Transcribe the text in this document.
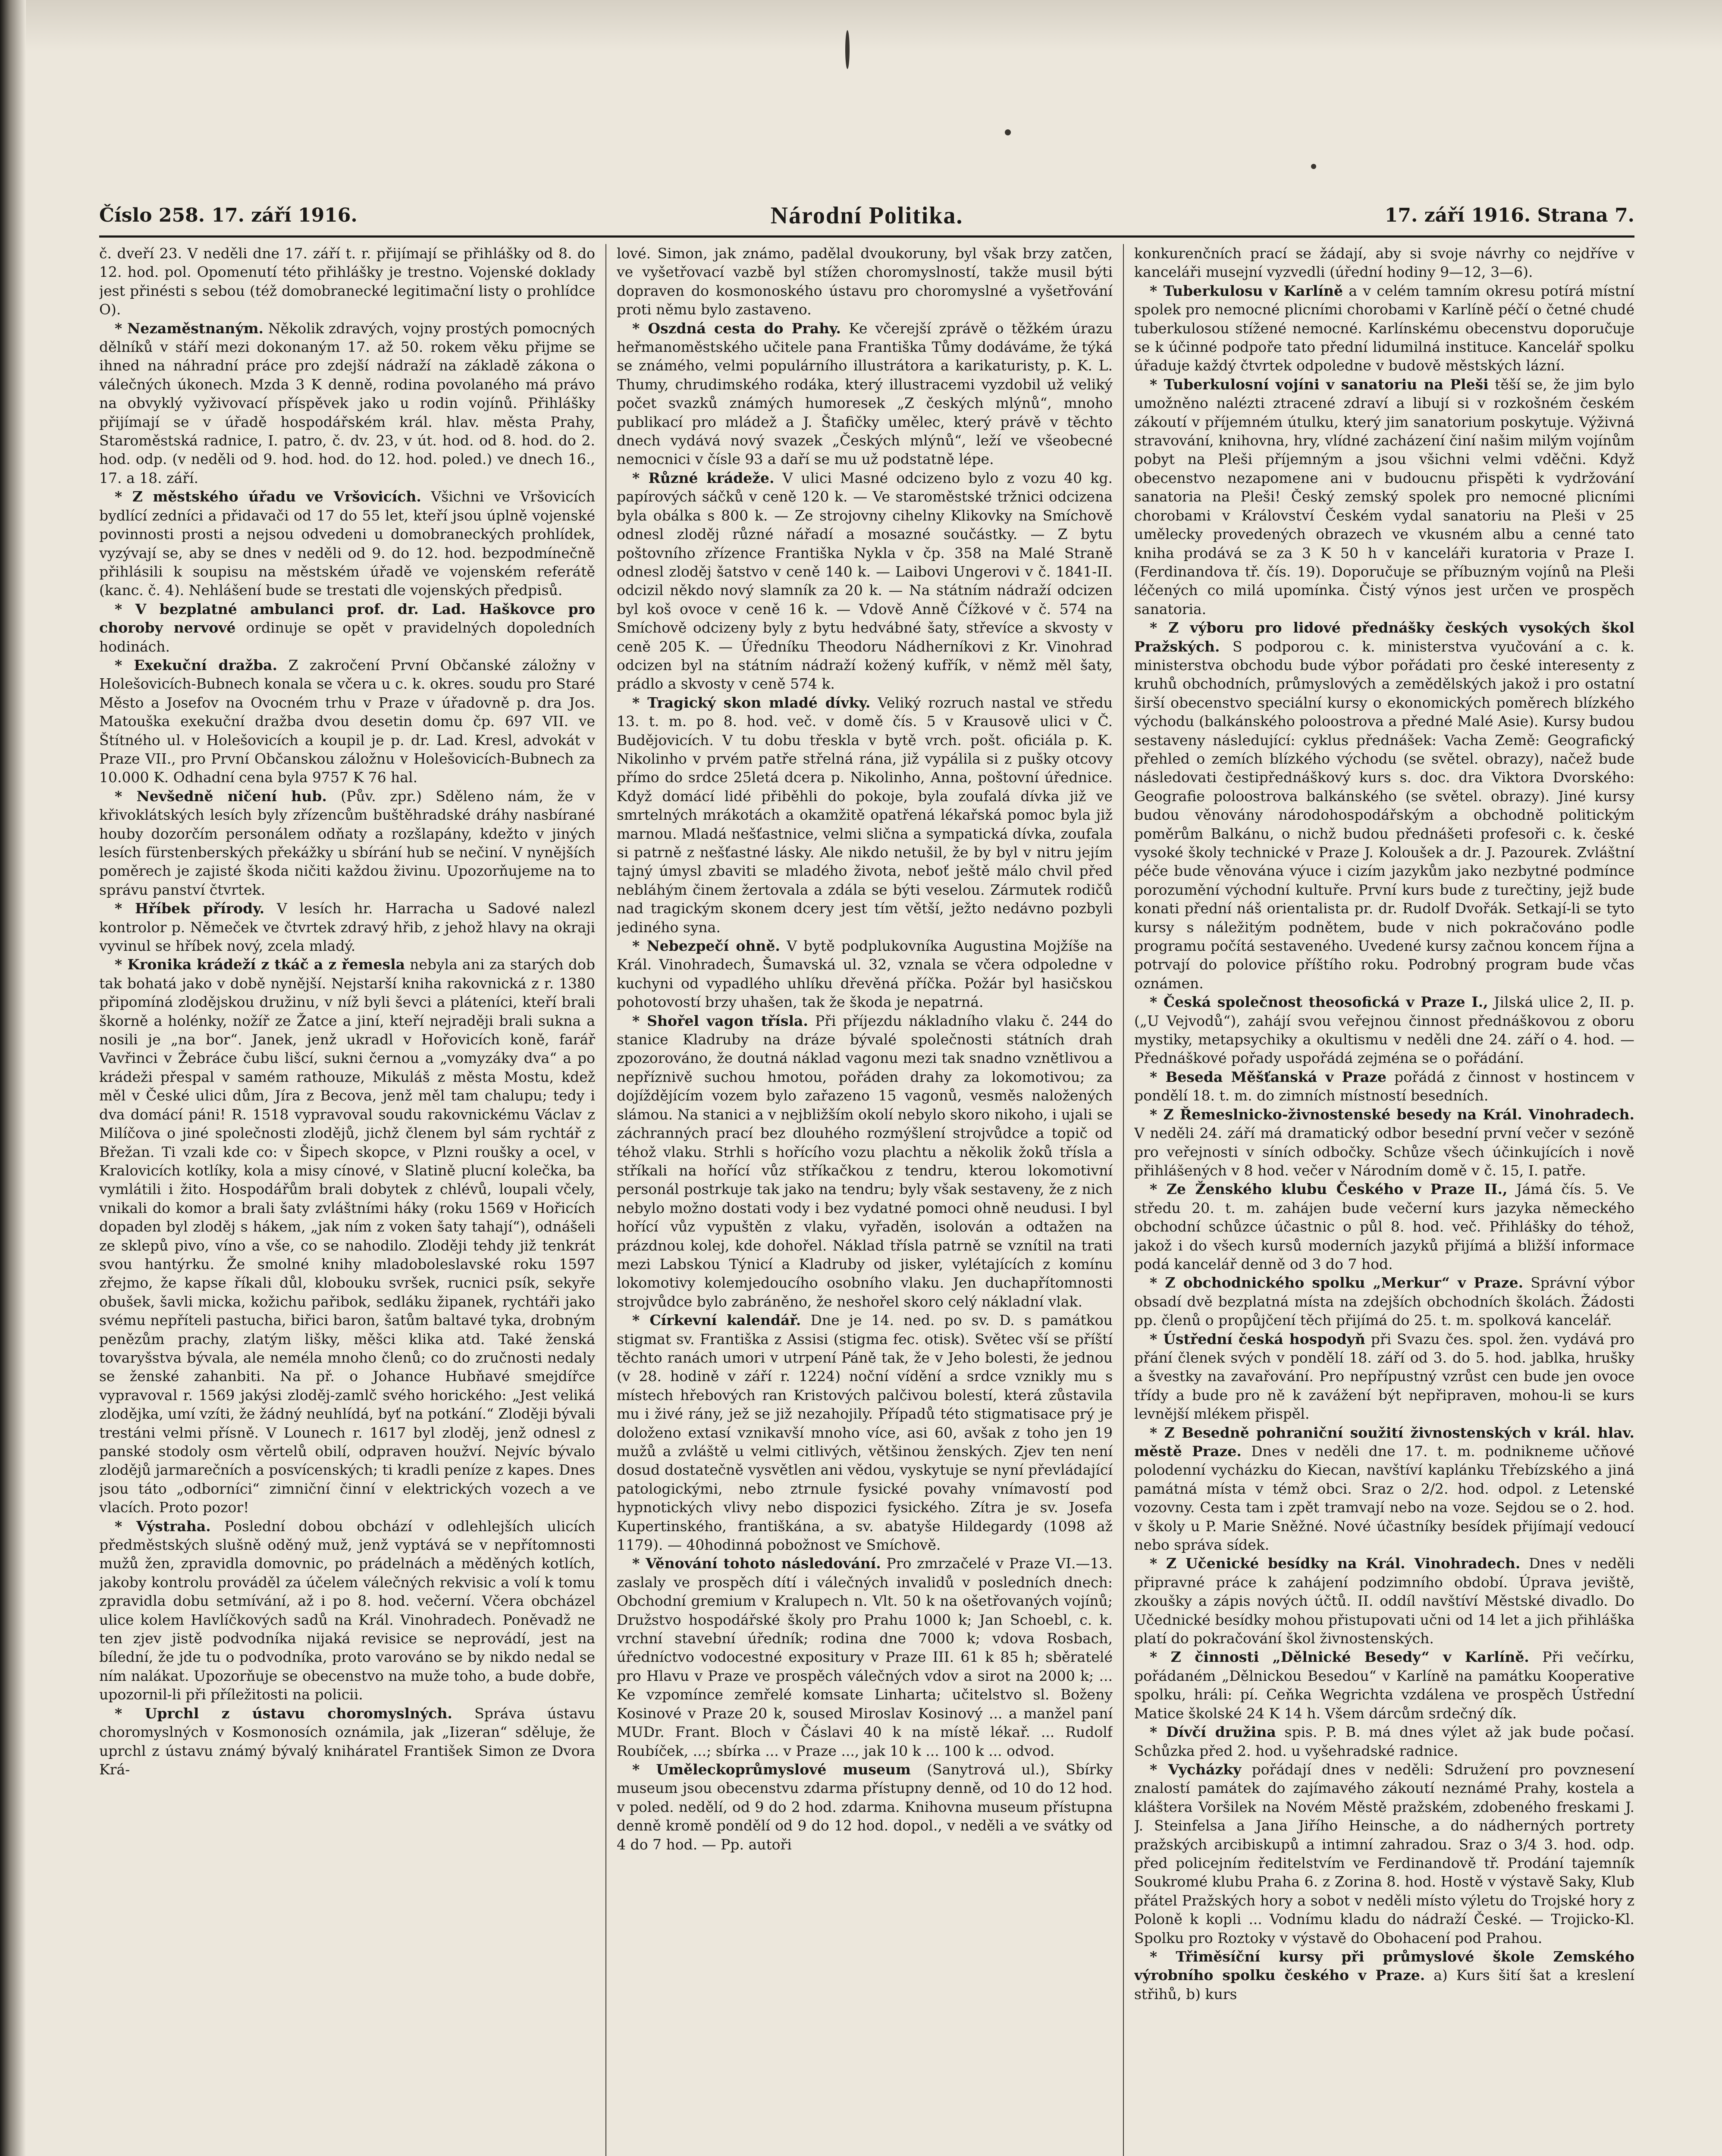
Číslo 258. 17. září 1916.	Národní Politika.	17. září 1916. Strana 7.

č. dveří 23. V neděli dne 17. září t. r. přijímají se přihlášky od 8. do 12. hod. pol. Opomenutí této přihlášky je trestno. Vojenské doklady jest přinésti s sebou (též domobranecké legitimační listy o prohlídce O).

* Nezaměstnaným. Několik zdravých, vojny prostých pomocných dělníků v stáří mezi dokonaným 17. až 50. rokem věku přijme se ihned na náhradní práce pro zdejší nádraží na základě zákona o válečných úkonech. Mzda 3 K denně, rodina povolaného má právo na obvyklý vyživovací příspěvek jako u rodin vojínů. Přihlášky přijímají se v úřadě hospodářském král. hlav. města Prahy, Staroměstská radnice, I. patro, č. dv. 23, v út. hod. od 8. hod. do 2. hod. odp. (v neděli od 9. hod. hod. do 12. hod. poled.) ve dnech 16., 17. a 18. září.

* Z městského úřadu ve Vršovicích. Všichni ve Vršovicích bydlící zedníci a přidavači od 17 do 55 let, kteří jsou úplně vojenské povinnosti prosti a nejsou odvedeni u domobraneckých prohlídek, vyzývají se, aby se dnes v neděli od 9. do 12. hod. bezpodmínečně přihlásili k soupisu na městském úřadě ve vojenském referátě (kanc. č. 4). Nehlášení bude se trestati dle vojenských předpisů.

* V bezplatné ambulanci prof. dr. Lad. Haškovce pro choroby nervové ordinuje se opět v pravidelných dopoledních hodinách.

* Exekuční dražba. Z zakročení První Občanské záložny v Holešovicích-Bubnech konala se včera u c. k. okres. soudu pro Staré Město a Josefov na Ovocném trhu v Praze v úřadovně p. dra Jos. Matouška exekuční dražba dvou desetin domu čp. 697 VII. ve Štítného ul. v Holešovicích a koupil je p. dr. Lad. Kresl, advokát v Praze VII., pro První Občanskou záložnu v Holešovicích-Bubnech za 10.000 K. Odhadní cena byla 9757 K 76 hal.

* Nevšedně ničení hub. (Pův. zpr.) Sděleno nám, že v křivoklátských lesích byly zřízencům buštěhradské dráhy nasbírané houby dozorčím personálem odňaty a rozšlapány, kdežto v jiných lesích fürstenberských překážky u sbírání hub se nečiní. V nynějších poměrech je zajisté škoda ničiti každou živinu. Upozorňujeme na to správu panství čtvrtek.

* Hříbek přírody. V lesích hr. Harracha u Sadové nalezl kontrolor p. Němeček ve čtvrtek zdravý hřib, z jehož hlavy na okraji vyvinul se hříbek nový, zcela mladý.

* Kronika krádeží z tkáč a z řemesla nebyla ani za starých dob tak bohatá jako v době nynější. Nejstarší kniha rakovnická z r. 1380 připomíná zlodějskou družinu, v níž byli ševci a pláteníci, kteří brali škorně a holénky, nožíř ze Žatce a jiní, kteří nejraději brali sukna a nosili je „na bor“. Janek, jenž ukradl v Hořovicích koně, farář Vavřinci v Žebráce čubu lišcí, sukni černou a „vomyzáky dva“ a po krádeži přespal v samém rathouze, Mikuláš z města Mostu, kdež měl v České ulici dům, Jíra z Becova, jenž měl tam chalupu; tedy i dva domácí páni! R. 1518 vypravoval soudu rakovnickému Václav z Milíčova o jiné společnosti zlodějů, jichž členem byl sám rychtář z Břežan. Ti vzali kde co: v Šipech skopce, v Plzni roušky a ocel, v Kralovicích kotlíky, kola a misy cínové, v Slatině plucní kolečka, ba vymlátili i žito. Hospodářům brali dobytek z chlévů, loupali včely, vnikali do komor a brali šaty zvláštními háky (roku 1569 v Hořicích dopaden byl zloděj s hákem, „jak ním z voken šaty tahají“), odnášeli ze sklepů pivo, víno a vše, co se nahodilo. Zloději tehdy již tenkrát svou hantýrku. Že smolné knihy mladoboleslavské roku 1597 zřejmo, že kapse říkali důl, klobouku svršek, rucnici psík, sekyře obušek, šavli micka, kožichu pařibok, sedláku žipanek, rychtáři jako svému nepříteli pastucha, biřici baron, šatům baltavé tyka, drobným penězům prachy, zlatým lišky, měšci klika atd. Také ženská tovaryšstva bývala, ale neméla mnoho členů; co do zručnosti nedaly se ženské zahanbiti. Na př. o Johance Hubňavé smejdířce vypravoval r. 1569 jakýsi zloděj-zamlč svého horického: „Jest veliká zlodějka, umí vzíti, že žádný neuhlídá, byť na potkání.“ Zloději bývali trestáni velmi přísně. V Lounech r. 1617 byl zloděj, jenž odnesl z panské stodoly osm věrtelů obilí, odpraven houžví. Nejvíc bývalo zlodějů jarmarečních a posvícenských; ti kradli peníze z kapes. Dnes jsou táto „odborníci“ zimniční činní v elektrických vozech a ve vlacích. Proto pozor!

* Výstraha. Poslední dobou obchází v odlehlejších ulicích předměstských slušně oděný muž, jenž vyptává se v nepřítomnosti mužů žen, zpravidla domovnic, po prádelnách a měděných kotlích, jakoby kontrolu prováděl za účelem válečných rekvisic a volí k tomu zpravidla dobu setmívání, až i po 8. hod. večerní. Včera obcházel ulice kolem Havlíčkových sadů na Král. Vinohradech. Poněvadž ne ten zjev jistě podvodníka nijaká revisice se neprovádí, jest na bílední, že jde tu o podvodníka, proto varováno se by nikdo nedal se ním nalákat. Upozorňuje se obecenstvo na muže toho, a bude dobře, upozornil-li při příležitosti na policii.

* Uprchl z ústavu choromyslných. Správa ústavu choromyslných v Kosmonosích oznámila, jak „Iizeran“ sděluje, že uprchl z ústavu známý bývalý kniháratel František Simon ze Dvora Krá-

lové. Simon, jak známo, padělal dvoukoruny, byl však brzy zatčen, ve vyšetřovací vazbě byl stížen choromyslností, takže musil býti dopraven do kosmonoského ústavu pro choromyslné a vyšetřování proti němu bylo zastaveno.

* Oszdná cesta do Prahy. Ke včerejší zprávě o těžkém úrazu heřmanoměstského učitele pana Františka Tůmy dodáváme, že týká se známého, velmi populárního illustrátora a karikaturisty, p. K. L. Thumy, chrudimského rodáka, který illustracemi vyzdobil už veliký počet svazků známých humoresek „Z českých mlýnů“, mnoho publikací pro mládež a J. Štafičky umělec, který právě v těchto dnech vydává nový svazek „Českých mlýnů“, leží ve všeobecné nemocnici v čísle 93 a daří se mu už podstatně lépe.

* Různé krádeže. V ulici Masné odcizeno bylo z vozu 40 kg. papírových sáčků v ceně 120 k. — Ve staroměstské tržnici odcizena byla obálka s 800 k. — Ze strojovny cihelny Klikovky na Smíchově odnesl zloděj různé nářadí a mosazné součástky. — Z bytu poštovního zřízence Františka Nykla v čp. 358 na Malé Straně odnesl zloděj šatstvo v ceně 140 k. — Laibovi Ungerovi v č. 1841-II. odcizil někdo nový slamník za 20 k. — Na státním nádraží odcizen byl koš ovoce v ceně 16 k. — Vdově Anně Čížkové v č. 574 na Smíchově odcizeny byly z bytu hedvábné šaty, střevíce a skvosty v ceně 205 K. — Úředníku Theodoru Nádherníkovi z Kr. Vinohrad odcizen byl na státním nádraží kožený kufřík, v němž měl šaty, prádlo a skvosty v ceně 574 k.

* Tragický skon mladé dívky. Veliký rozruch nastal ve středu 13. t. m. po 8. hod. več. v domě čís. 5 v Krausově ulici v Č. Budějovicích. V tu dobu třeskla v bytě vrch. pošt. oficiála p. K. Nikolinho v prvém patře střelná rána, již vypálila si z pušky otcovy přímo do srdce 25letá dcera p. Nikolinho, Anna, poštovní úřednice. Když domácí lidé přiběhli do pokoje, byla zoufalá dívka již ve smrtelných mrákotách a okamžitě opatřená lékařská pomoc byla již marnou. Mladá nešťastnice, velmi slična a sympatická dívka, zoufala si patrně z nešťastné lásky. Ale nikdo netušil, že by byl v nitru jejím tajný úmysl zbaviti se mladého života, neboť ještě málo chvil před nebláhým činem žertovala a zdála se býti veselou. Zármutek rodičů nad tragickým skonem dcery jest tím větší, ježto nedávno pozbyli jediného syna.

* Nebezpečí ohně. V bytě podplukovníka Augustina Mojžíše na Král. Vinohradech, Šumavská ul. 32, vznala se včera odpoledne v kuchyni od vypadlého uhlíku dřevěná příčka. Požár byl hasičskou pohotovostí brzy uhašen, tak že škoda je nepatrná.

* Shořel vagon třísla. Při příjezdu nákladního vlaku č. 244 do stanice Kladruby na dráze bývalé společnosti státních drah zpozorováno, že doutná náklad vagonu mezi tak snadno vznětlivou a nepříznivě suchou hmotou, pořáden drahy za lokomotivou; za dojíždějícím vozem bylo zařazeno 15 vagonů, vesměs naložených slámou. Na stanici a v nejbližším okolí nebylo skoro nikoho, i ujali se záchranných prací bez dlouhého rozmýšlení strojvůdce a topič od téhož vlaku. Strhli s hořícího vozu plachtu a několik žoků třísla a stříkali na hořící vůz stříkačkou z tendru, kterou lokomotivní personál postrkuje tak jako na tendru; byly však sestaveny, že z nich nebylo možno dostati vody i bez vydatné pomoci ohně neudusi. I byl hořící vůz vypuštěn z vlaku, vyřaděn, isolován a odtažen na prázdnou kolej, kde dohořel. Náklad třísla patrně se vznítil na trati mezi Labskou Týnicí a Kladruby od jisker, vylétajících z komínu lokomotivy kolemjedoucího osobního vlaku. Jen duchapřítomnosti strojvůdce bylo zabráněno, že neshořel skoro celý nákladní vlak.

* Církevní kalendář. Dne je 14. ned. po sv. D. s památkou stigmat sv. Františka z Assisi (stigma fec. otisk). Světec vší se příští těchto ranách umori v utrpení Páně tak, že v Jeho bolesti, že jednou (v 28. hodině v září r. 1224) noční vídění a srdce vznikly mu s místech hřebových ran Kristových palčivou bolestí, která zůstavila mu i živé rány, jež se již nezahojily. Případů této stigmatisace prý je doloženo extasí vznikavší mnoho více, asi 60, avšak z toho jen 19 mužů a zvláště u velmi citlivých, většinou ženských. Zjev ten není dosud dostatečně vysvětlen ani vědou, vyskytuje se nyní převládající patologickými, nebo ztrnule fysické povahy vnímavostí pod hypnotických vlivy nebo dispozici fysického. Zítra je sv. Josefa Kupertinského, františkána, a sv. abatyše Hildegardy (1098 až 1179). — 40hodinná pobožnost ve Smíchově.

* Věnování tohoto následování. Pro zmrzačelé v Praze VI.—13. zaslaly ve prospěch dítí i válečných invalidů v posledních dnech: Obchodní gremium v Kralupech n. Vlt. 50 k na ošetřovaných vojínů; Družstvo hospodářské školy pro Prahu 1000 k; Jan Schoebl, c. k. vrchní stavební úředník; rodina dne 7000 k; vdova Rosbach, úředníctvo vodocestné expositury v Praze III. 61 k 85 h; sběratelé pro Hlavu v Praze ve prospěch válečných vdov a sirot na 2000 k; ... Ke vzpomínce zemřelé komsate Linharta; učitelstvo sl. Boženy Kosinové v Praze 20 k, soused Miroslav Kosinový ... a manžel paní MUDr. Frant. Bloch v Čáslavi 40 k na místě lékař. ... Rudolf Roubíček, ...; sbírka ... v Praze ..., jak 10 k ... 100 k ... odvod.

* Uměleckoprůmyslové museum (Sanytrová ul.), Sbírky museum jsou obecenstvu zdarma přístupny denně, od 10 do 12 hod. v poled. nedělí, od 9 do 2 hod. zdarma. Knihovna museum přístupna denně kromě pondělí od 9 do 12 hod. dopol., v neděli a ve svátky od 4 do 7 hod. — Pp. autoři

konkurenčních prací se žádají, aby si svoje návrhy co nejdříve v kanceláři musejní vyzvedli (úřední hodiny 9—12, 3—6).

* Tuberkulosu v Karlíně a v celém tamním okresu potírá místní spolek pro nemocné plicními chorobami v Karlíně péčí o četné chudé tuberkulosou stížené nemocné. Karlínskému obecenstvu doporučuje se k účinné podpoře tato přední lidumilná instituce. Kancelář spolku úřaduje každý čtvrtek odpoledne v budově městských lázní.

* Tuberkulosní vojíni v sanatoriu na Pleši těší se, že jim bylo umožněno nalézti ztracené zdraví a libují si v rozkošném českém zákoutí v příjemném útulku, který jim sanatorium poskytuje. Výživná stravování, knihovna, hry, vlídné zacházení činí našim milým vojínům pobyt na Pleši příjemným a jsou všichni velmi vděčni. Když obecenstvo nezapomene ani v budoucnu přispěti k vydržování sanatoria na Pleši! Český zemský spolek pro nemocné plicními chorobami v Království Českém vydal sanatoriu na Pleši v 25 umělecky provedených obrazech ve vkusném albu a cenné tato kniha prodává se za 3 K 50 h v kanceláři kuratoria v Praze I. (Ferdinandova tř. čís. 19). Doporučuje se příbuzným vojínů na Pleši léčených co milá upomínka. Čistý výnos jest určen ve prospěch sanatoria.

* Z výboru pro lidové přednášky českých vysokých škol Pražských. S podporou c. k. ministerstva vyučování a c. k. ministerstva obchodu bude výbor pořádati pro české interesenty z kruhů obchodních, průmyslových a zemědělských jakož i pro ostatní širší obecenstvo speciální kursy o ekonomických poměrech blízkého východu (balkánského poloostrova a předné Malé Asie). Kursy budou sestaveny následující: cyklus přednášek: Vacha Země: Geografický přehled o zemích blízkého východu (se světel. obrazy), načež bude následovati čestipřednáškový kurs s. doc. dra Viktora Dvorského: Geografie poloostrova balkánského (se světel. obrazy). Jiné kursy budou věnovány národohospodářským a obchodně politickým poměrům Balkánu, o nichž budou přednášeti profesoři c. k. české vysoké školy technické v Praze J. Koloušek a dr. J. Pazourek. Zvláštní péče bude věnována výuce i cizím jazykům jako nezbytné podmínce porozumění východní kultuře. První kurs bude z turečtiny, jejž bude konati přední náš orientalista pr. dr. Rudolf Dvořák. Setkají-li se tyto kursy s náležitým podnětem, bude v nich pokračováno podle programu počítá sestaveného. Uvedené kursy začnou koncem října a potrvají do polovice příštího roku. Podrobný program bude včas oznámen.

* Česká společnost theosofická v Praze I., Jilská ulice 2, II. p. („U Vejvodů“), zahájí svou veřejnou činnost přednáškovou z oboru mystiky, metapsychiky a okultismu v neděli dne 24. září o 4. hod. — Přednáškové pořady uspořádá zejména se o pořádání.

* Beseda Měšťanská v Praze pořádá z činnost v hostincem v pondělí 18. t. m. do zimních místností besedních.

* Z Řemeslnicko-živnostenské besedy na Král. Vinohradech. V neděli 24. září má dramatický odbor besední první večer v sezóně pro veřejnosti v síních odbočky. Schůze všech účinkujících i nově přihlášených v 8 hod. večer v Národním domě v č. 15, I. patře.

* Ze Ženského klubu Českého v Praze II., Jámá čís. 5. Ve středu 20. t. m. zahájen bude večerní kurs jazyka německého obchodní schůzce účastnic o půl 8. hod. več. Přihlášky do téhož, jakož i do všech kursů moderních jazyků přijímá a bližší informace podá kancelář denně od 3 do 7 hod.

* Z obchodnického spolku „Merkur“ v Praze. Správní výbor obsadí dvě bezplatná místa na zdejších obchodních školách. Žádosti pp. členů o propůjčení těch přijímá do 25. t. m. spolková kancelář.

* Ústřední česká hospodyň při Svazu čes. spol. žen. vydává pro přání členek svých v pondělí 18. září od 3. do 5. hod. jablka, hrušky a švestky na zavařování. Pro nepřípustný vzrůst cen bude jen ovoce třídy a bude pro ně k zavážení být nepřipraven, mohou-li se kurs levnější mlékem přispěl.

* Z Besedně pohraniční soužití živnostenských v král. hlav. městě Praze. Dnes v neděli dne 17. t. m. podnikneme učňové polodenní vycházku do Kiecan, navštíví kaplánku Třebízského a jiná památná místa v témž obci. Sraz o 2/2. hod. odpol. z Letenské vozovny. Cesta tam i zpět tramvají nebo na voze. Sejdou se o 2. hod. v školy u P. Marie Sněžné. Nové účastníky besídek přijímají vedoucí nebo správa sídek.

* Z Učenické besídky na Král. Vinohradech. Dnes v neděli připravné práce k zahájení podzimního období. Úprava jeviště, zkoušky a zápis nových účtů. II. oddíl navštíví Městské divadlo. Do Učednické besídky mohou přistupovati učni od 14 let a jich přihláška platí do pokračování škol živnostenských.

* Z činnosti „Dělnické Besedy“ v Karlíně. Při večírku, pořádaném „Dělnickou Besedou“ v Karlíně na památku Kooperative spolku, hráli: pí. Ceňka Wegrichta vzdálena ve prospěch Ústřední Matice školské 24 K 14 h. Všem dárcům srdečný dík.

* Dívčí družina spis. P. B. má dnes výlet až jak bude počasí. Schůzka před 2. hod. u vyšehradské radnice.

* Vycházky pořádají dnes v neděli: Sdružení pro povznesení znalostí památek do zajímavého zákoutí neznámé Prahy, kostela a kláštera Voršilek na Novém Městě pražském, zdobeného freskami J. J. Steinfelsa a Jana Jiřího Heinsche, a do nádherných portrety pražských arcibiskupů a intimní zahradou. Sraz o 3/4 3. hod. odp. před policejním ředitelstvím ve Ferdinandově tř. Prodání tajemník Soukromé klubu Praha 6. z Zorina 8. hod. Hostě v výstavě Saky, Klub přátel Pražských hory a sobot v neděli místo výletu do Trojské hory z Poloně k kopli ... Vodnímu kladu do nádraží České. — Trojicko-Kl. Spolku pro Roztoky v výstavě do Obohacení pod Prahou.

* Třiměsíční kursy při průmyslové škole Zemského výrobního spolku českého v Praze. a) Kurs šití šat a kreslení střihů, b) kurs
